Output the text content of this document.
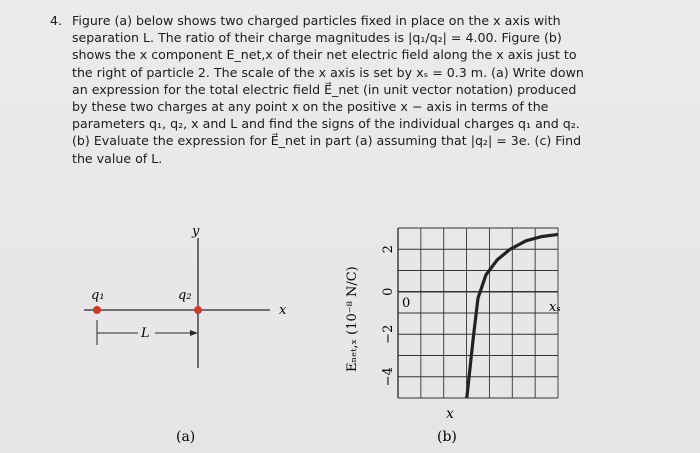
4. Figure (a) below shows two charged particles fixed in place on the x axis with
separation L. The ratio of their charge magnitudes is |q₁/q₂| = 4.00. Figure (b)
shows the x component E_net,x of their net electric field along the x axis just to
the right of particle 2. The scale of the x axis is set by xₛ = 0.3 m. (a) Write down
an expression for the total electric field E⃗_net (in unit vector notation) produced
by these two charges at any point x on the positive x − axis in terms of the
parameters q₁, q₂, x and L and find the signs of the individual charges q₁ and q₂.
(b) Evaluate the expression for E⃗_net in part (a) assuming that |q₂| = 3e. (c) Find
the value of L.
y
x
q₁	q₂
L
(a)
2
0
−2
−4
0	xₛ
x
Eₙₑₜ,ₓ (10⁻⁸ N/C)
(b)
